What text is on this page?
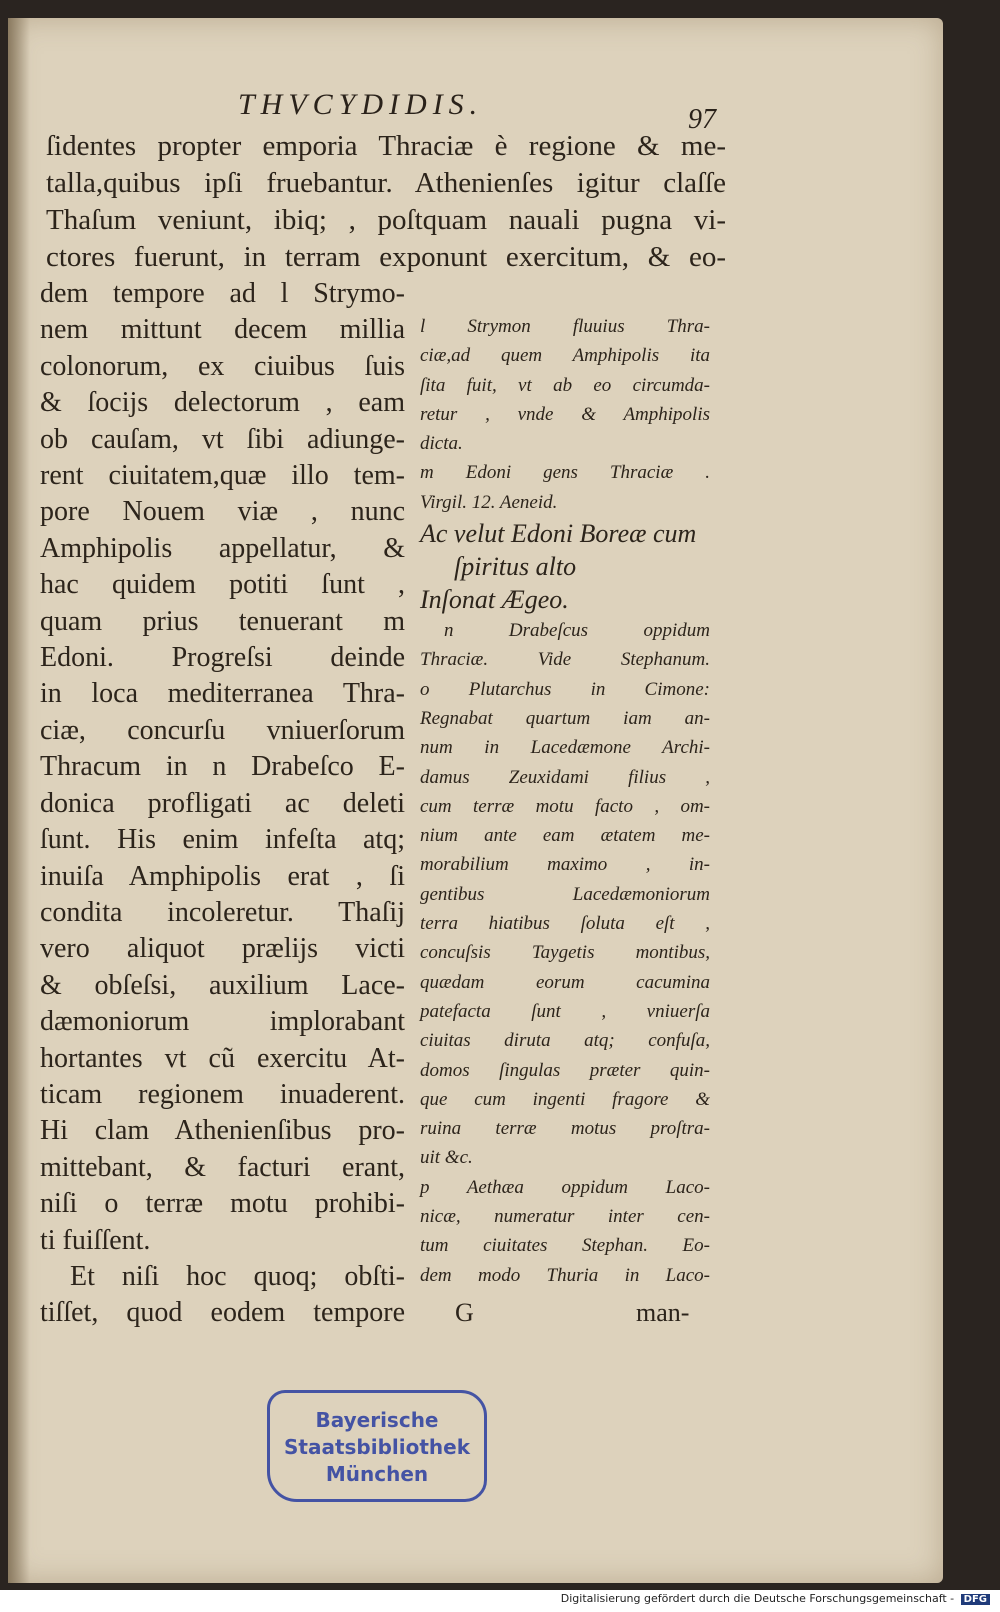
THVCYDIDIS.	97
ſidentes propter emporia Thraciæ è regione & me-
talla,quibus ipſi fruebantur. Athenienſes igitur claſſe
Thaſum veniunt, ibiq; , poſtquam nauali pugna vi-
ctores fuerunt, in terram exponunt exercitum, & eo-
dem tempore ad l Strymo-
nem mittunt decem millia
colonorum, ex ciuibus ſuis
& ſocijs delectorum , eam
ob cauſam, vt ſibi adiunge-
rent ciuitatem,quæ illo tem-
pore Nouem viæ , nunc
Amphipolis appellatur, &
hac quidem potiti ſunt ,
quam prius tenuerant m
Edoni. Progreſsi deinde
in loca mediterranea Thra-
ciæ, concurſu vniuerſorum
Thracum in n Drabeſco E-
donica profligati ac deleti
ſunt. His enim infeſta atq;
inuiſa Amphipolis erat , ſi
condita incoleretur. Thaſij
vero aliquot prælijs victi
& obſeſsi, auxilium Lace-
dæmoniorum implorabant
hortantes vt cũ exercitu At-
ticam regionem inuaderent.
Hi clam Athenienſibus pro-
mittebant, & facturi erant,
niſi o terræ motu prohibi-
ti fuiſſent.
Et niſi hoc quoq; obſti-
tiſſet, quod eodem tempore
l Strymon fluuius Thra-
ciæ,ad quem Amphipolis ita
ſita fuit, vt ab eo circumda-
retur , vnde & Amphipolis
dicta.
m Edoni gens Thraciæ .
Virgil. 12. Aeneid.
Ac velut Edoni Boreæ cum
ſpiritus alto
Inſonat Ægeo.
n Drabeſcus oppidum
Thraciæ. Vide Stephanum.
o Plutarchus in Cimone:
Regnabat quartum iam an-
num in Lacedæmone Archi-
damus Zeuxidami filius ,
cum terræ motu facto , om-
nium ante eam ætatem me-
morabilium maximo , in-
gentibus Lacedæmoniorum
terra hiatibus ſoluta eſt ,
concuſsis Taygetis montibus,
quædam eorum cacumina
patefacta ſunt , vniuerſa
ciuitas diruta atq; confuſa,
domos ſingulas præter quin-
que cum ingenti fragore &
ruina terræ motus proſtra-
uit &c.
p Aethæa oppidum Laco-
nicæ, numeratur inter cen-
tum ciuitates Stephan. Eo-
dem modo Thuria in Laco-
G	man-
Bayerische
Staatsbibliothek
München
Digitalisierung gefördert durch die Deutsche Forschungsgemeinschaft - DFG
